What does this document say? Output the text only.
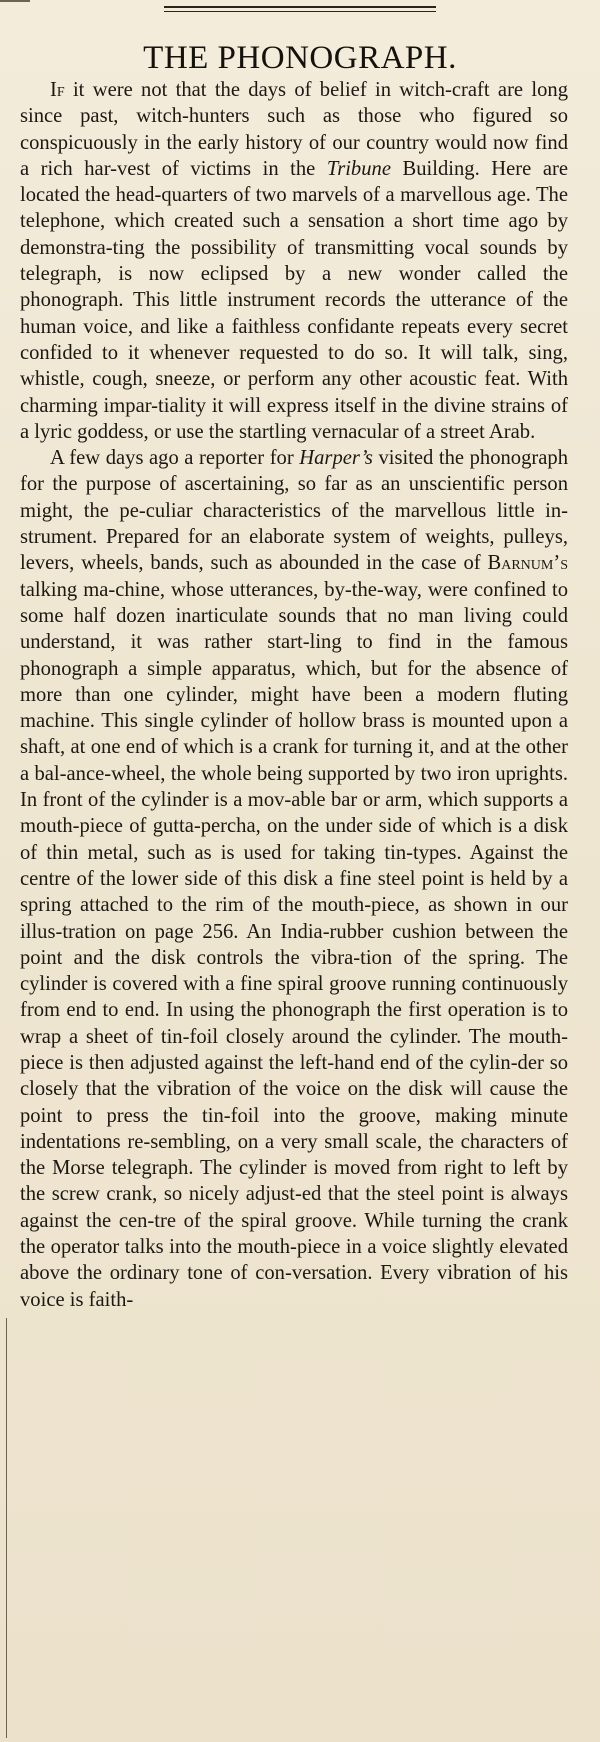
THE PHONOGRAPH.

If it were not that the days of belief in witch-craft are long since past, witch-hunters such as those who figured so conspicuously in the early history of our country would now find a rich har-vest of victims in the Tribune Building. Here are located the head-quarters of two marvels of a marvellous age. The telephone, which created such a sensation a short time ago by demonstra-ting the possibility of transmitting vocal sounds by telegraph, is now eclipsed by a new wonder called the phonograph. This little instrument records the utterance of the human voice, and like a faithless confidante repeats every secret confided to it whenever requested to do so. It will talk, sing, whistle, cough, sneeze, or perform any other acoustic feat. With charming impar-tiality it will express itself in the divine strains of a lyric goddess, or use the startling vernacular of a street Arab.

A few days ago a reporter for Harper’s visited the phonograph for the purpose of ascertaining, so far as an unscientific person might, the pe-culiar characteristics of the marvellous little in-strument. Prepared for an elaborate system of weights, pulleys, levers, wheels, bands, such as abounded in the case of Barnum’s talking ma-chine, whose utterances, by-the-way, were confined to some half dozen inarticulate sounds that no man living could understand, it was rather start-ling to find in the famous phonograph a simple apparatus, which, but for the absence of more than one cylinder, might have been a modern fluting machine. This single cylinder of hollow brass is mounted upon a shaft, at one end of which is a crank for turning it, and at the other a bal-ance-wheel, the whole being supported by two iron uprights. In front of the cylinder is a mov-able bar or arm, which supports a mouth-piece of gutta-percha, on the under side of which is a disk of thin metal, such as is used for taking tin-types. Against the centre of the lower side of this disk a fine steel point is held by a spring attached to the rim of the mouth-piece, as shown in our illus-tration on page 256. An India-rubber cushion between the point and the disk controls the vibra-tion of the spring. The cylinder is covered with a fine spiral groove running continuously from end to end. In using the phonograph the first operation is to wrap a sheet of tin-foil closely around the cylinder. The mouth-piece is then adjusted against the left-hand end of the cylin-der so closely that the vibration of the voice on the disk will cause the point to press the tin-foil into the groove, making minute indentations re-sembling, on a very small scale, the characters of the Morse telegraph. The cylinder is moved from right to left by the screw crank, so nicely adjust-ed that the steel point is always against the cen-tre of the spiral groove. While turning the crank the operator talks into the mouth-piece in a voice slightly elevated above the ordinary tone of con-versation. Every vibration of his voice is faith-
